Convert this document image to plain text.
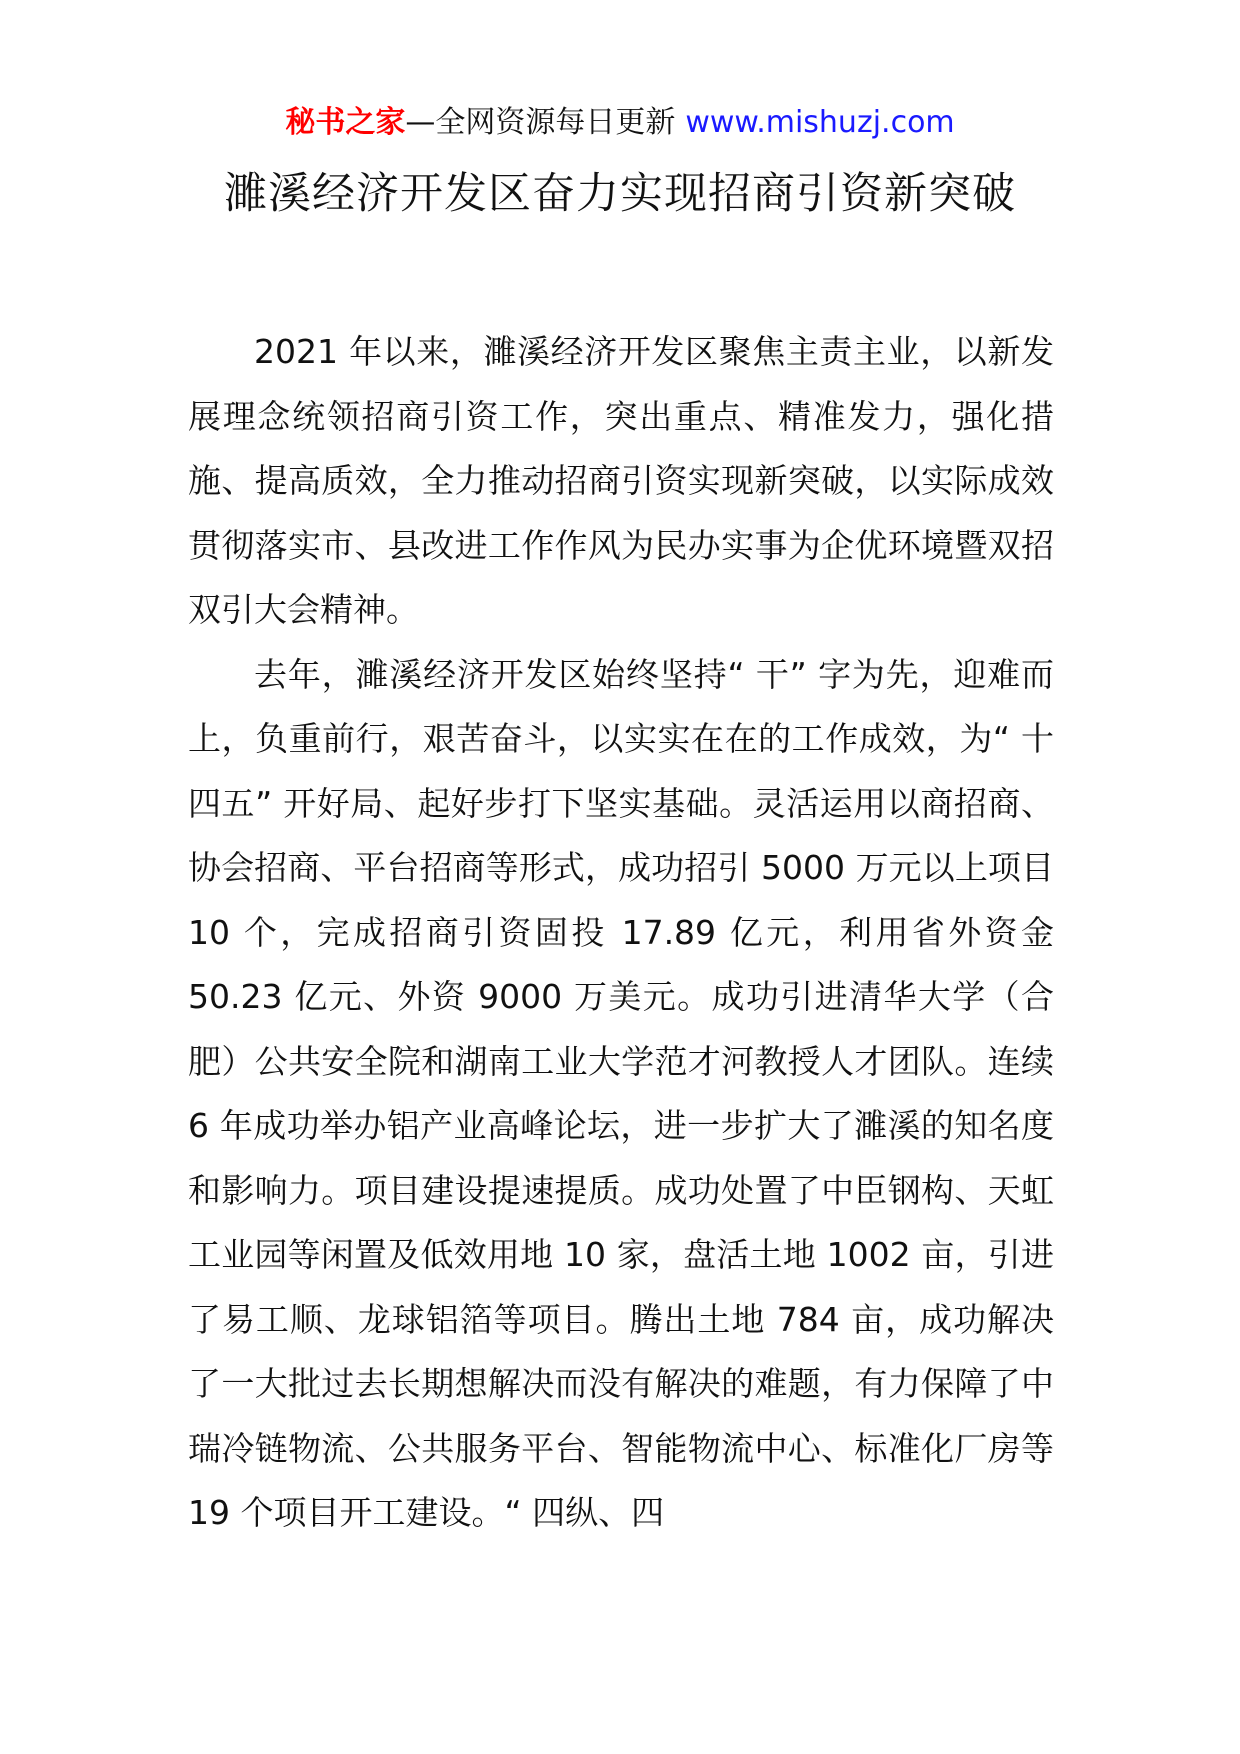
秘书之家—全网资源每日更新 www.mishuzj.com
濉溪经济开发区奋力实现招商引资新突破

2021 年以来，濉溪经济开发区聚焦主责主业，以新发展理念统领招商引资工作，突出重点、精准发力，强化措施、提高质效，全力推动招商引资实现新突破，以实际成效贯彻落实市、县改进工作作风为民办实事为企优环境暨双招双引大会精神。

去年，濉溪经济开发区始终坚持“ 干” 字为先，迎难而上，负重前行，艰苦奋斗，以实实在在的工作成效，为“ 十四五” 开好局、起好步打下坚实基础。灵活运用以商招商、协会招商、平台招商等形式，成功招引 5000 万元以上项目 10 个，完成招商引资固投 17.89 亿元，利用省外资金 50.23 亿元、外资 9000 万美元。成功引进清华大学（合肥）公共安全院和湖南工业大学范才河教授人才团队。连续 6 年成功举办铝产业高峰论坛，进一步扩大了濉溪的知名度和影响力。项目建设提速提质。成功处置了中臣钢构、天虹工业园等闲置及低效用地 10 家，盘活土地 1002 亩，引进了易工顺、龙球铝箔等项目。腾出土地 784 亩，成功解决了一大批过去长期想解决而没有解决的难题，有力保障了中瑞冷链物流、公共服务平台、智能物流中心、标准化厂房等 19 个项目开工建设。“ 四纵、四
